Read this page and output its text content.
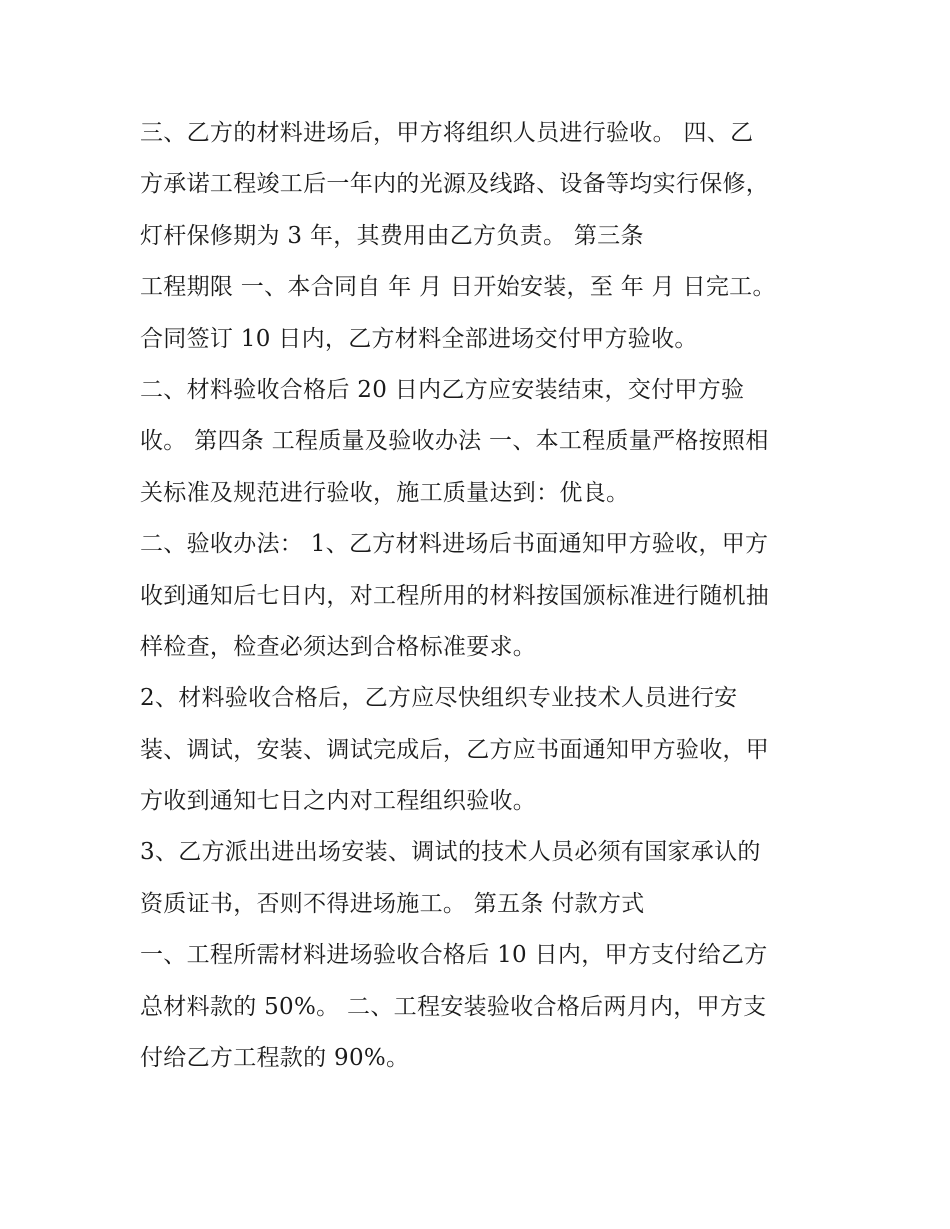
三、乙方的材料进场后，甲方将组织人员进行验收。 四、乙
方承诺工程竣工后一年内的光源及线路、设备等均实行保修，
灯杆保修期为 3 年，其费用由乙方负责。 第三条
工程期限 一、本合同自 年 月 日开始安装，至 年 月 日完工。
合同签订 10 日内，乙方材料全部进场交付甲方验收。
二、材料验收合格后 20 日内乙方应安装结束，交付甲方验
收。 第四条 工程质量及验收办法 一、本工程质量严格按照相
关标准及规范进行验收，施工质量达到：优良。
二、验收办法： 1、乙方材料进场后书面通知甲方验收，甲方
收到通知后七日内，对工程所用的材料按国颁标准进行随机抽
样检查，检查必须达到合格标准要求。
2、材料验收合格后，乙方应尽快组织专业技术人员进行安
装、调试，安装、调试完成后，乙方应书面通知甲方验收，甲
方收到通知七日之内对工程组织验收。
3、乙方派出进出场安装、调试的技术人员必须有国家承认的
资质证书，否则不得进场施工。 第五条 付款方式
一、工程所需材料进场验收合格后 10 日内，甲方支付给乙方
总材料款的 50%。 二、工程安装验收合格后两月内，甲方支
付给乙方工程款的 90%。
